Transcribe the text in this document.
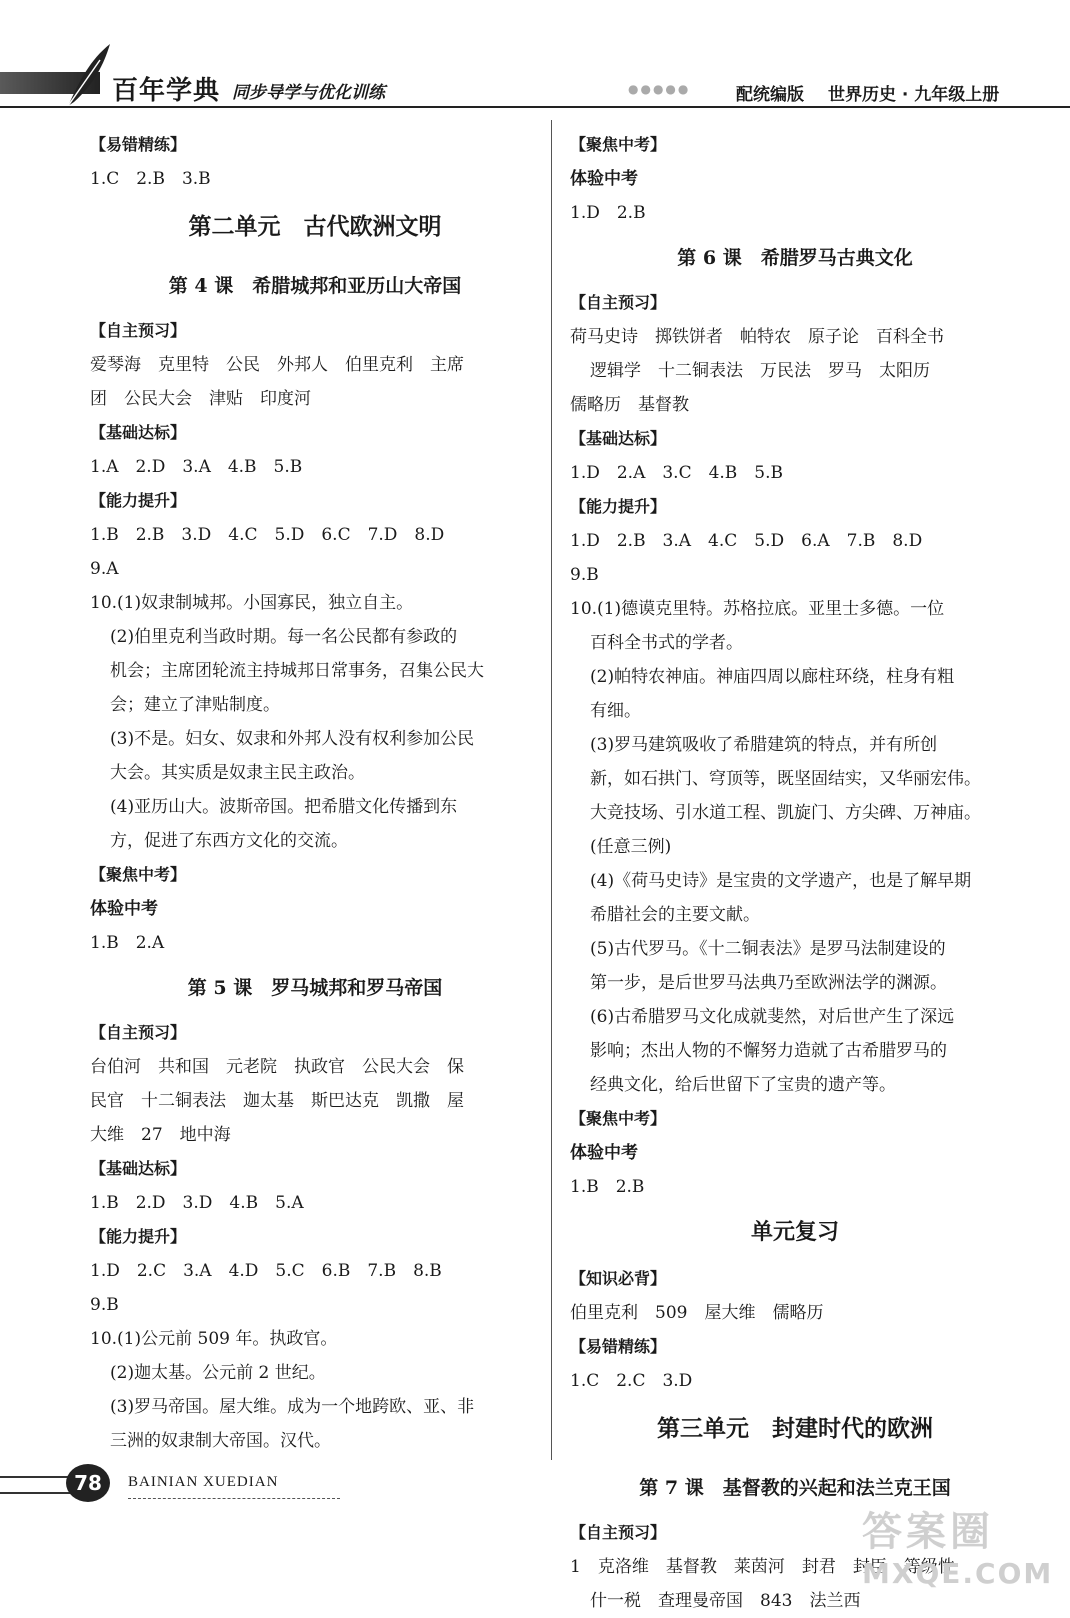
百年学典 同步导学与优化训练	●●●●●	配统编版 世界历史 · 九年级上册
【易错精练】
1.C　2.B　3.B
第二单元　古代欧洲文明
第 4 课　希腊城邦和亚历山大帝国
【自主预习】
爱琴海　克里特　公民　外邦人　伯里克利　主席
团　公民大会　津贴　印度河
【基础达标】
1.A　2.D　3.A　4.B　5.B
【能力提升】
1.B　2.B　3.D　4.C　5.D　6.C　7.D　8.D
9.A
10.(1)奴隶制城邦。小国寡民，独立自主。
(2)伯里克利当政时期。每一名公民都有参政的
机会；主席团轮流主持城邦日常事务，召集公民大
会；建立了津贴制度。
(3)不是。妇女、奴隶和外邦人没有权利参加公民
大会。其实质是奴隶主民主政治。
(4)亚历山大。波斯帝国。把希腊文化传播到东
方，促进了东西方文化的交流。
【聚焦中考】
体验中考
1.B　2.A
第 5 课　罗马城邦和罗马帝国
【自主预习】
台伯河　共和国　元老院　执政官　公民大会　保
民官　十二铜表法　迦太基　斯巴达克　凯撒　屋
大维　27　地中海
【基础达标】
1.B　2.D　3.D　4.B　5.A
【能力提升】
1.D　2.C　3.A　4.D　5.C　6.B　7.B　8.B
9.B
10.(1)公元前 509 年。执政官。
(2)迦太基。公元前 2 世纪。
(3)罗马帝国。屋大维。成为一个地跨欧、亚、非
三洲的奴隶制大帝国。汉代。
【聚焦中考】
体验中考
1.D　2.B
第 6 课　希腊罗马古典文化
【自主预习】
荷马史诗　掷铁饼者　帕特农　原子论　百科全书
逻辑学　十二铜表法　万民法　罗马　太阳历
儒略历　基督教
【基础达标】
1.D　2.A　3.C　4.B　5.B
【能力提升】
1.D　2.B　3.A　4.C　5.D　6.A　7.B　8.D
9.B
10.(1)德谟克里特。苏格拉底。亚里士多德。一位
百科全书式的学者。
(2)帕特农神庙。神庙四周以廊柱环绕，柱身有粗
有细。
(3)罗马建筑吸收了希腊建筑的特点，并有所创
新，如石拱门、穹顶等，既坚固结实，又华丽宏伟。
大竞技场、引水道工程、凯旋门、方尖碑、万神庙。
(任意三例)
(4)《荷马史诗》是宝贵的文学遗产，也是了解早期
希腊社会的主要文献。
(5)古代罗马。《十二铜表法》是罗马法制建设的
第一步，是后世罗马法典乃至欧洲法学的渊源。
(6)古希腊罗马文化成就斐然，对后世产生了深远
影响；杰出人物的不懈努力造就了古希腊罗马的
经典文化，给后世留下了宝贵的遗产等。
【聚焦中考】
体验中考
1.B　2.B
单元复习
【知识必背】
伯里克利　509　屋大维　儒略历
【易错精练】
1.C　2.C　3.D
第三单元　封建时代的欧洲
第 7 课　基督教的兴起和法兰克王国
【自主预习】
1　克洛维　基督教　莱茵河　封君　封臣　等级性
什一税　查理曼帝国　843　法兰西
78	BAINIAN XUEDIAN
答案圈
MXQE.COM
